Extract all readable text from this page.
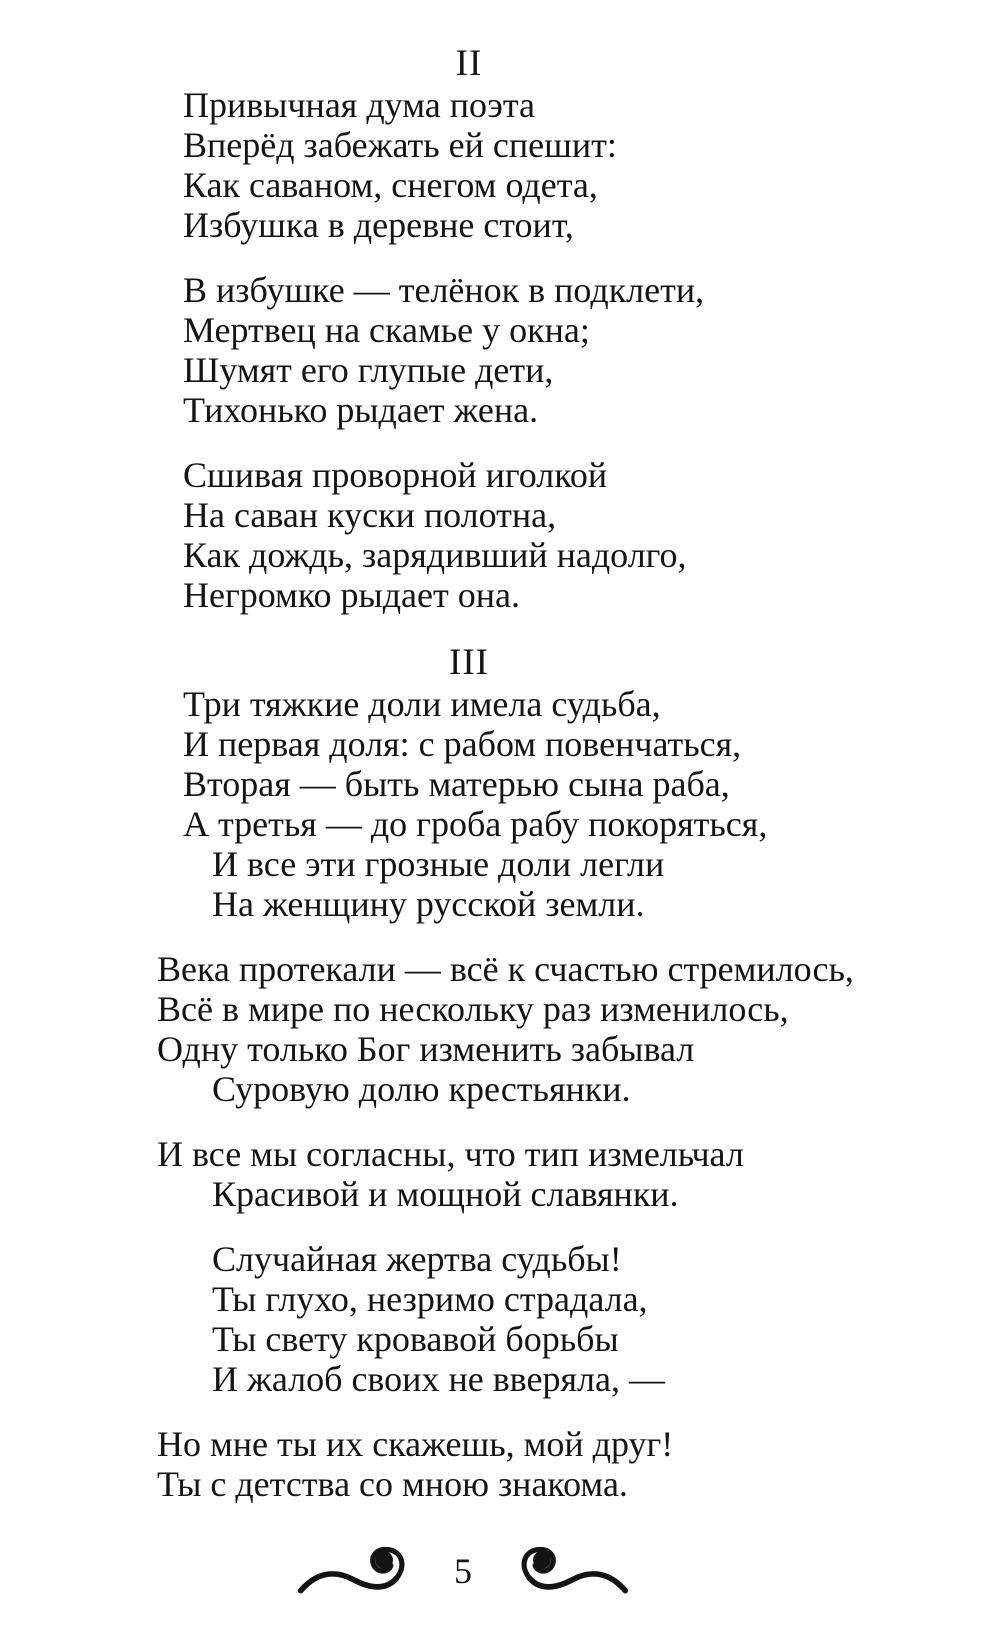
II
Привычная дума поэта
Вперёд забежать ей спешит:
Как саваном, снегом одета,
Избушка в деревне стоит,
В избушке — телёнок в подклети,
Мертвец на скамье у окна;
Шумят его глупые дети,
Тихонько рыдает жена.
Сшивая проворной иголкой
На саван куски полотна,
Как дождь, зарядивший надолго,
Негромко рыдает она.
III
Три тяжкие доли имела судьба,
И первая доля: с рабом повенчаться,
Вторая — быть матерью сына раба,
А третья — до гроба рабу покоряться,
И все эти грозные доли легли
На женщину русской земли.
Века протекали — всё к счастью стремилось,
Всё в мире по нескольку раз изменилось,
Одну только Бог изменить забывал
Суровую долю крестьянки.
И все мы согласны, что тип измельчал
Красивой и мощной славянки.
Случайная жертва судьбы!
Ты глухо, незримо страдала,
Ты свету кровавой борьбы
И жалоб своих не вверяла, —
Но мне ты их скажешь, мой друг!
Ты с детства со мною знакома.
5
